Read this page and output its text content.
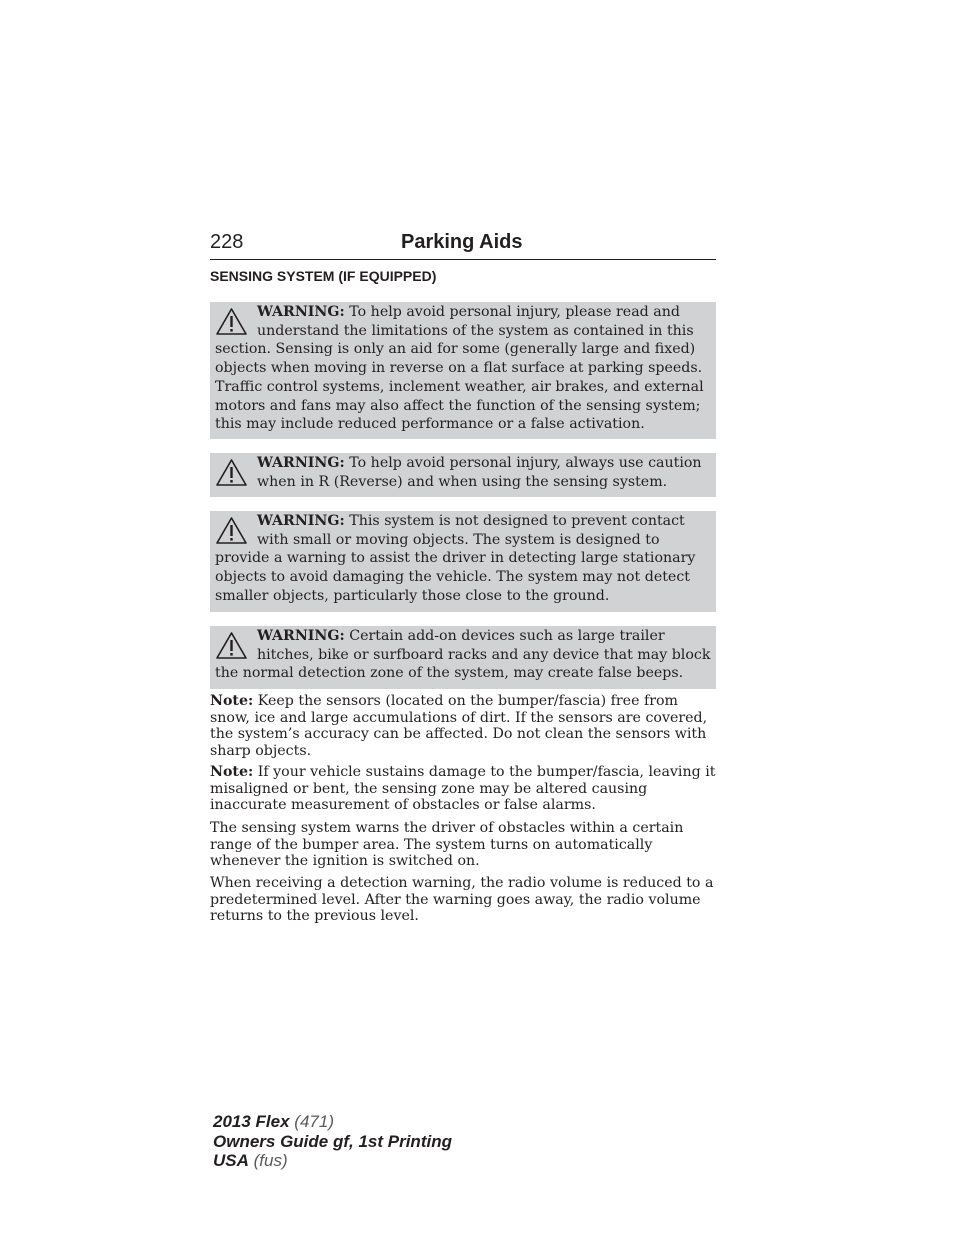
228	Parking Aids
SENSING SYSTEM (IF EQUIPPED)

WARNING: To help avoid personal injury, please read and understand the limitations of the system as contained in this section. Sensing is only an aid for some (generally large and fixed) objects when moving in reverse on a flat surface at parking speeds. Traffic control systems, inclement weather, air brakes, and external motors and fans may also affect the function of the sensing system; this may include reduced performance or a false activation.

WARNING: To help avoid personal injury, always use caution when in R (Reverse) and when using the sensing system.

WARNING: This system is not designed to prevent contact with small or moving objects. The system is designed to provide a warning to assist the driver in detecting large stationary objects to avoid damaging the vehicle. The system may not detect smaller objects, particularly those close to the ground.

WARNING: Certain add-on devices such as large trailer hitches, bike or surfboard racks and any device that may block the normal detection zone of the system, may create false beeps.

Note: Keep the sensors (located on the bumper/fascia) free from snow, ice and large accumulations of dirt. If the sensors are covered, the system’s accuracy can be affected. Do not clean the sensors with sharp objects.

Note: If your vehicle sustains damage to the bumper/fascia, leaving it misaligned or bent, the sensing zone may be altered causing inaccurate measurement of obstacles or false alarms.

The sensing system warns the driver of obstacles within a certain range of the bumper area. The system turns on automatically whenever the ignition is switched on.

When receiving a detection warning, the radio volume is reduced to a predetermined level. After the warning goes away, the radio volume returns to the previous level.

2013 Flex (471)
Owners Guide gf, 1st Printing
USA (fus)
